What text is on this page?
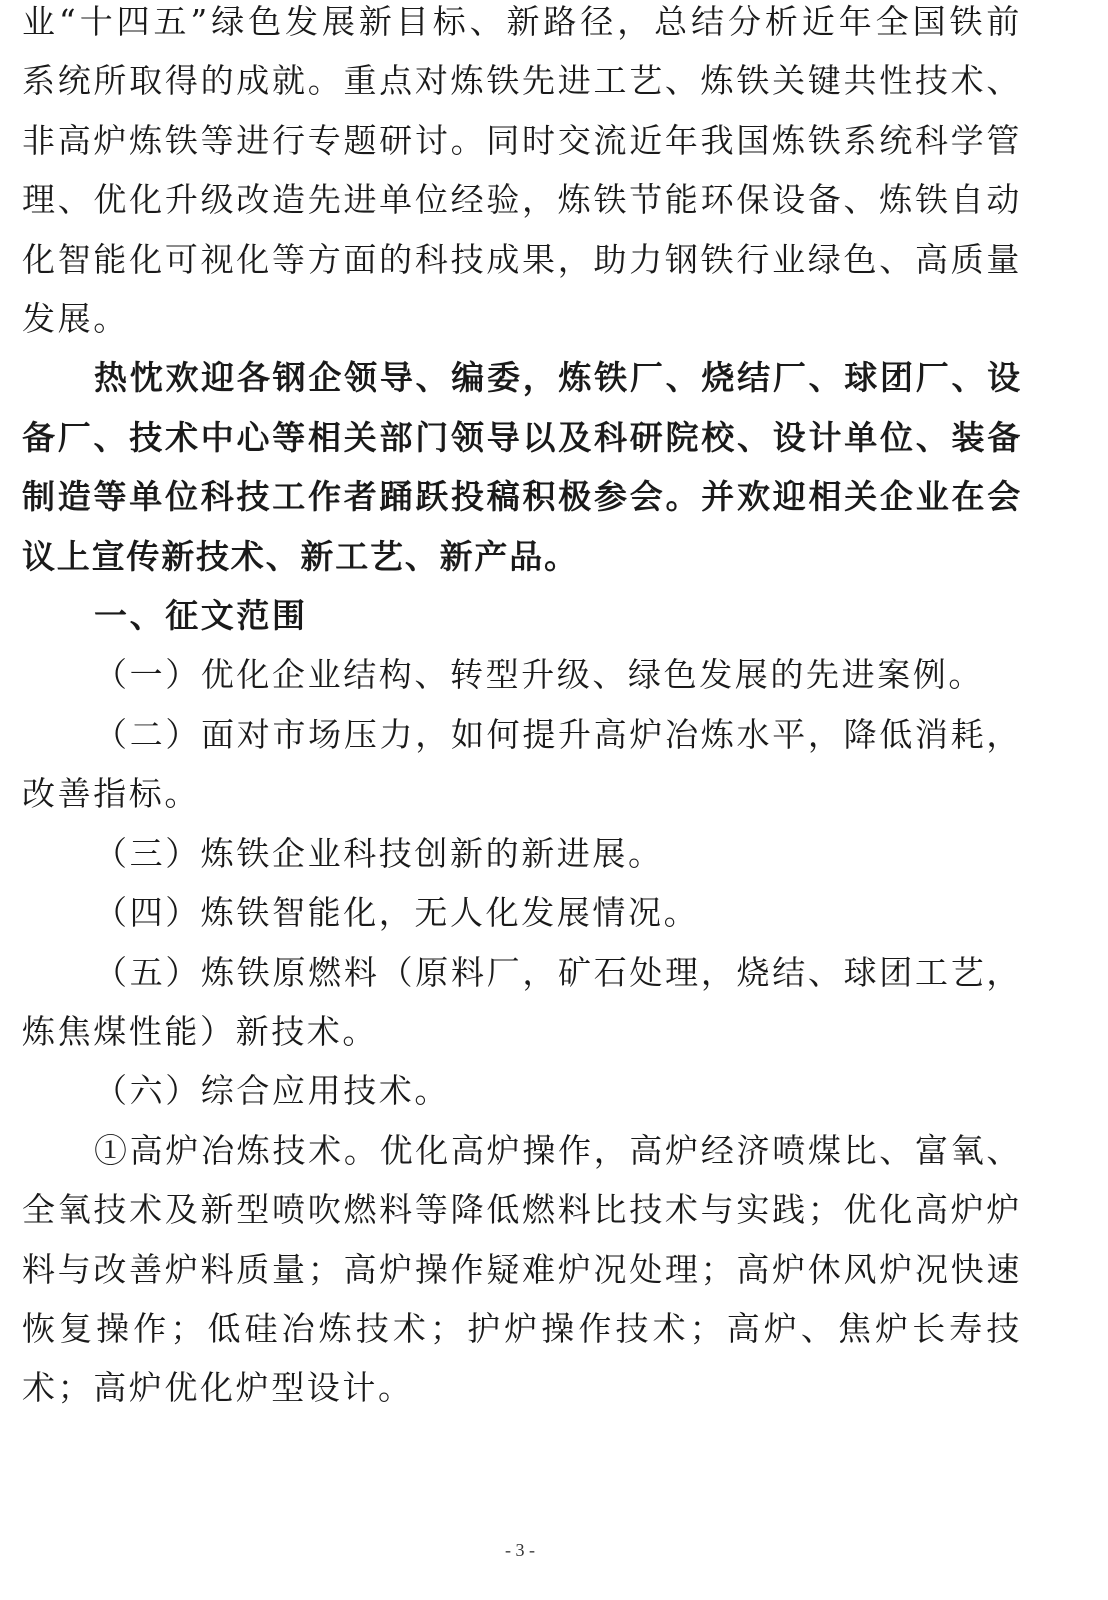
业“十四五”绿色发展新目标、新路径，总结分析近年全国铁前系统所取得的成就。重点对炼铁先进工艺、炼铁关键共性技术、非高炉炼铁等进行专题研讨。同时交流近年我国炼铁系统科学管理、优化升级改造先进单位经验，炼铁节能环保设备、炼铁自动化智能化可视化等方面的科技成果，助力钢铁行业绿色、高质量发展。

热忱欢迎各钢企领导、编委，炼铁厂、烧结厂、球团厂、设备厂、技术中心等相关部门领导以及科研院校、设计单位、装备制造等单位科技工作者踊跃投稿积极参会。并欢迎相关企业在会议上宣传新技术、新工艺、新产品。

一、征文范围

（一）优化企业结构、转型升级、绿色发展的先进案例。

（二）面对市场压力，如何提升高炉冶炼水平，降低消耗，改善指标。

（三）炼铁企业科技创新的新进展。

（四）炼铁智能化，无人化发展情况。

（五）炼铁原燃料（原料厂，矿石处理，烧结、球团工艺，炼焦煤性能）新技术。

（六）综合应用技术。

①高炉冶炼技术。优化高炉操作，高炉经济喷煤比、富氧、全氧技术及新型喷吹燃料等降低燃料比技术与实践；优化高炉炉料与改善炉料质量；高炉操作疑难炉况处理；高炉休风炉况快速恢复操作；低硅冶炼技术；护炉操作技术；高炉、焦炉长寿技术；高炉优化炉型设计。

- 3 -
